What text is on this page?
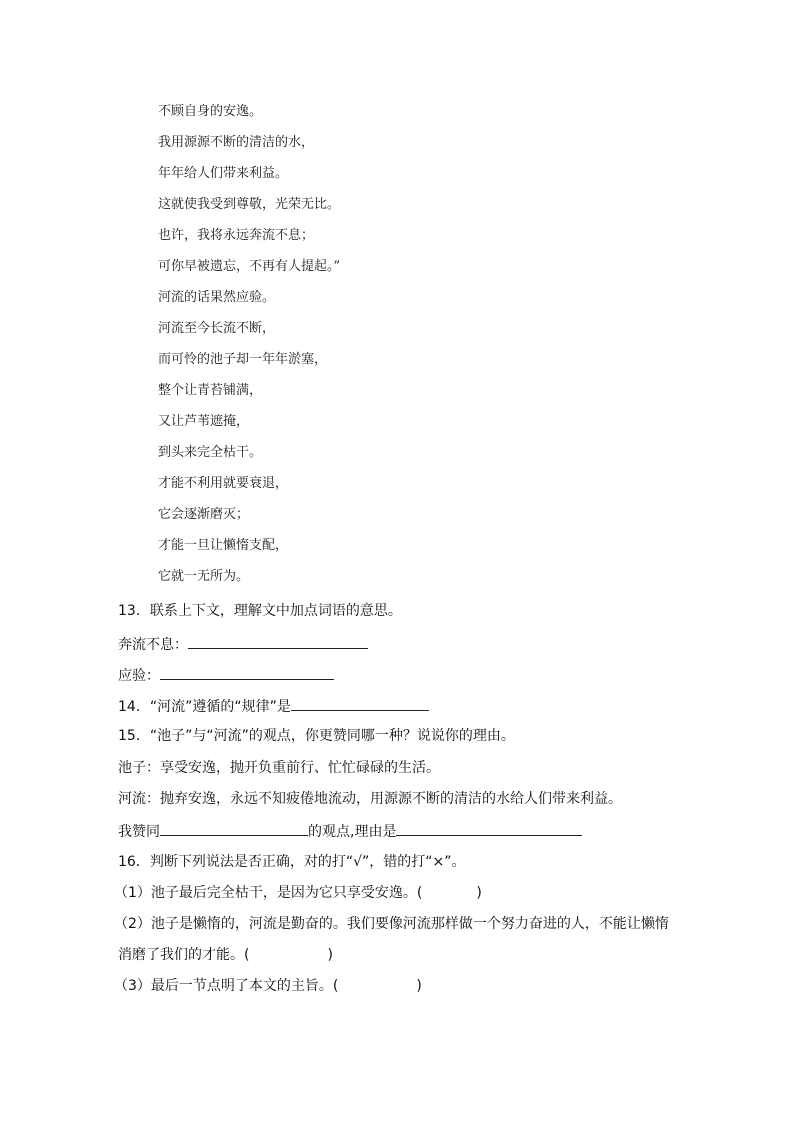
不顾自身的安逸。
我用源源不断的清洁的水，
年年给人们带来利益。
这就使我受到尊敬，光荣无比。
也许，我将永远奔流不息；
可你早被遗忘，不再有人提起。”
河流的话果然应验。
河流至今长流不断，
而可怜的池子却一年年淤塞，
整个让青苔铺满，
又让芦苇遮掩，
到头来完全枯干。
才能不利用就要衰退，
它会逐渐磨灭；
才能一旦让懒惰支配，
它就一无所为。
13．联系上下文，理解文中加点词语的意思。
奔流不息：
应验：
14．“河流”遵循的“规律”是
15．“池子”与“河流”的观点，你更赞同哪一种？说说你的理由。
池子：享受安逸，抛开负重前行、忙忙碌碌的生活。
河流：抛弃安逸，永远不知疲倦地流动，用源源不断的清洁的水给人们带来利益。
我赞同	的观点,理由是
16．判断下列说法是否正确，对的打“√”，错的打“×”。
（1）池子最后完全枯干，是因为它只享受安逸。(	)
（2）池子是懒惰的，河流是勤奋的。我们要像河流那样做一个努力奋进的人，不能让懒惰
消磨了我们的才能。(	)
（3）最后一节点明了本文的主旨。(	)
